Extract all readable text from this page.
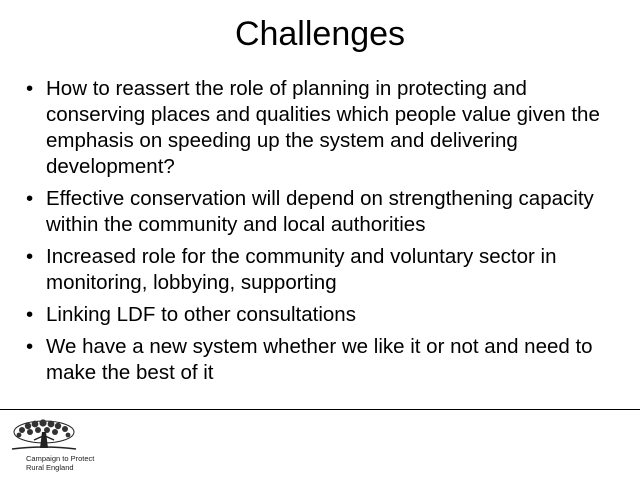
Challenges
• How to reassert the role of planning in protecting and conserving places and qualities which people value given the emphasis on speeding up the system and delivering development?
• Effective conservation will depend on strengthening capacity within the community and local authorities
• Increased role for the community and voluntary sector in monitoring, lobbying, supporting
• Linking LDF to other consultations
• We have a new system whether we like it or not and need to make the best of it
Campaign to Protect
Rural England
